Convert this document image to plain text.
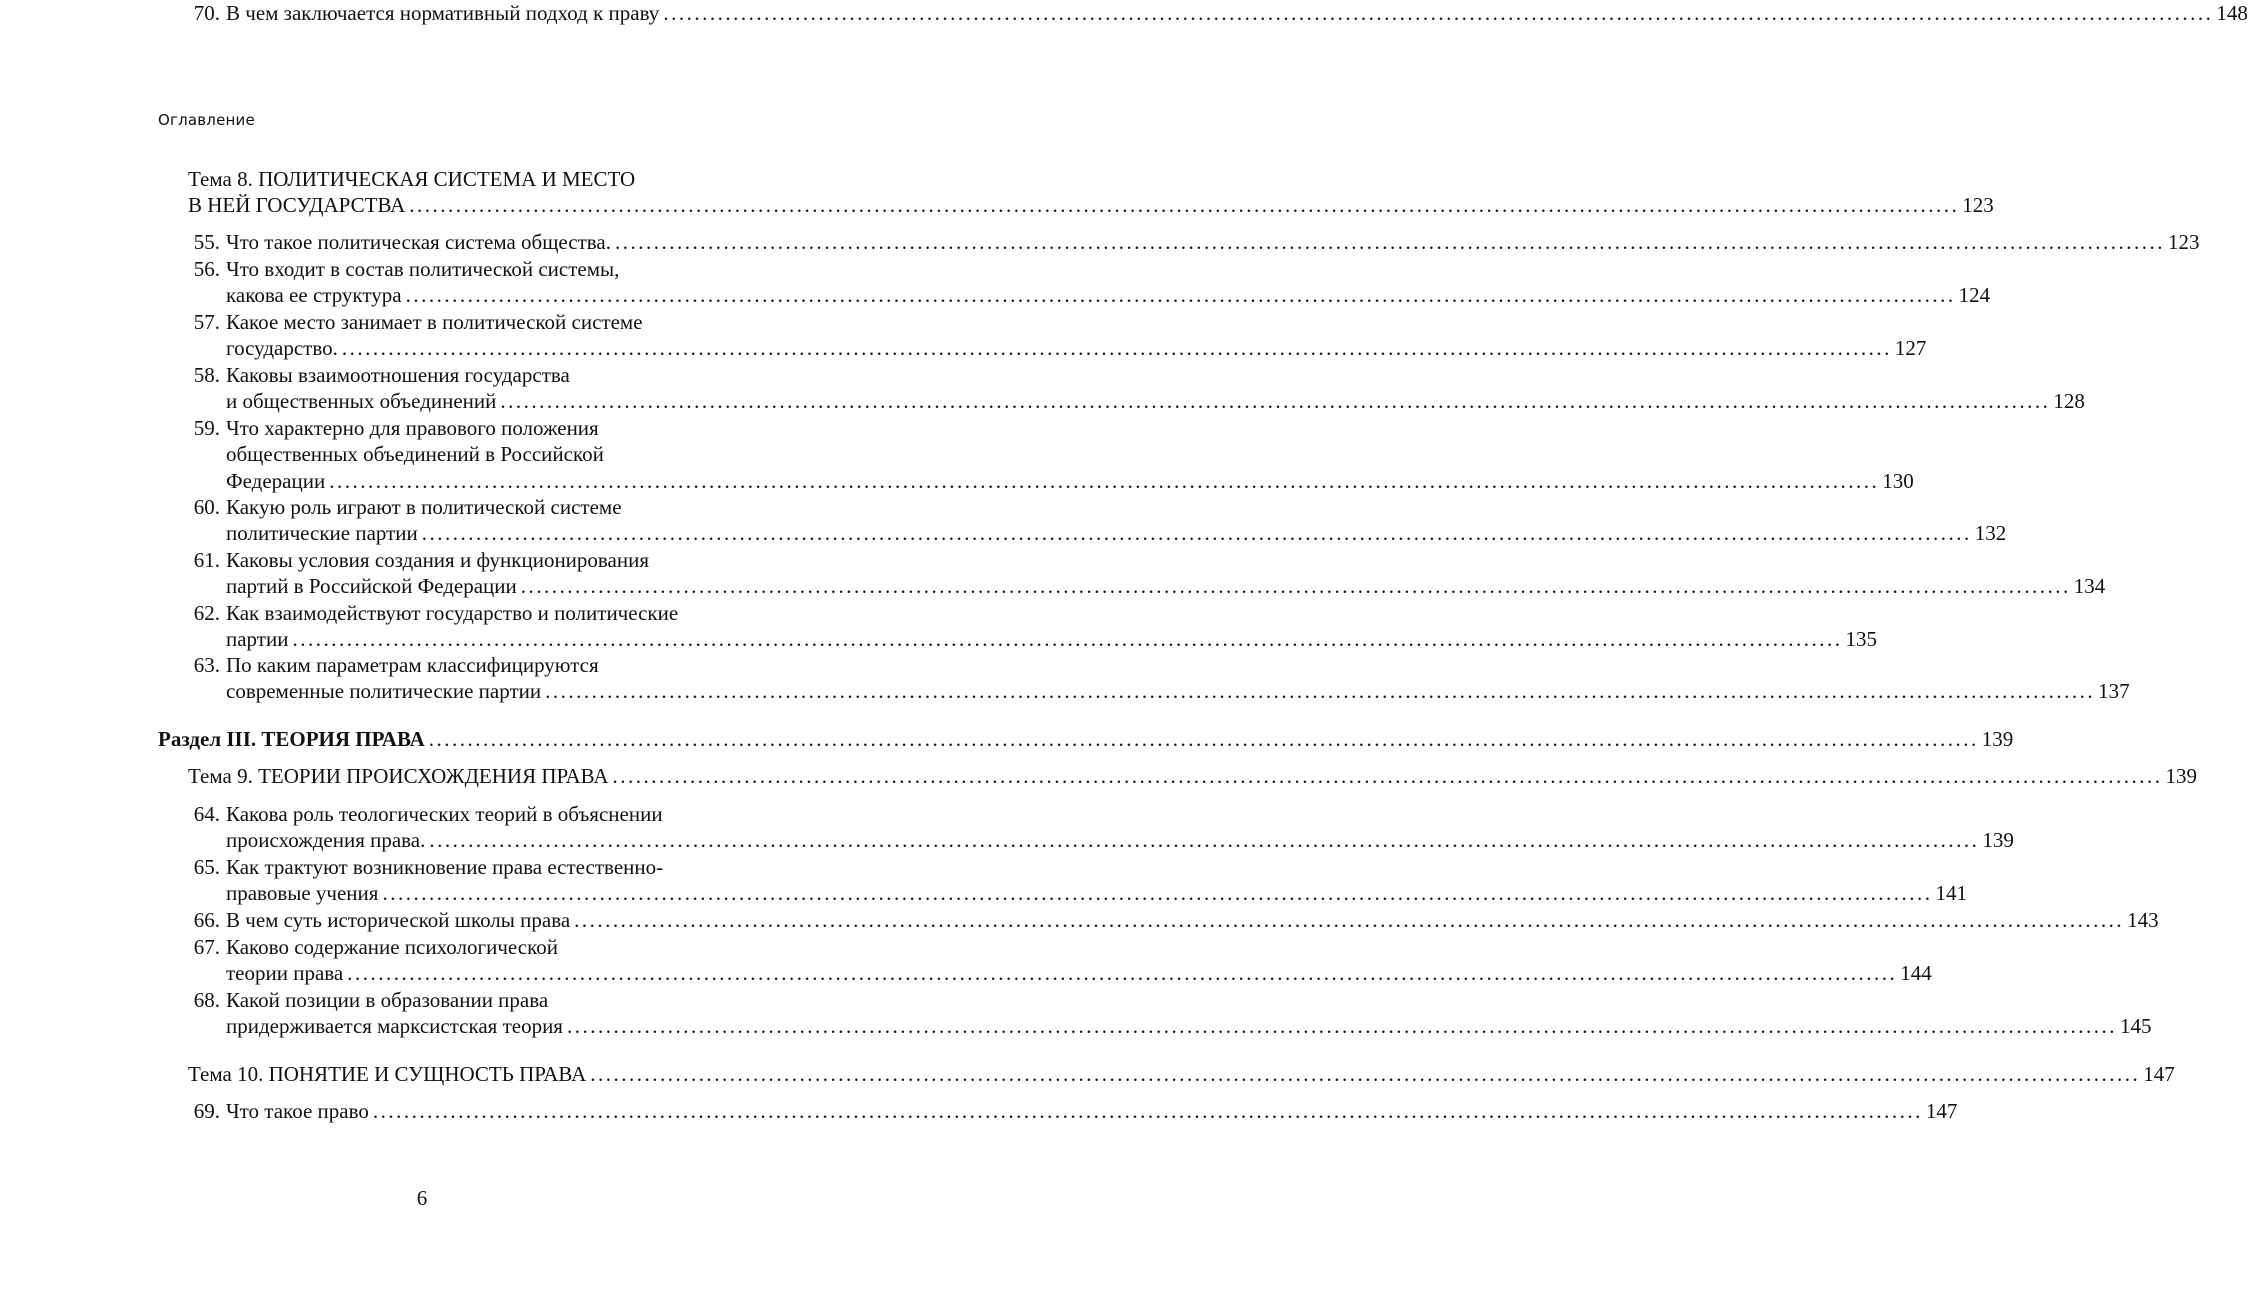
Оглавление
Тема 8. ПОЛИТИЧЕСКАЯ СИСТЕМА И МЕСТО
В НЕЙ ГОСУДАРСТВА ........................................................................................................................................................................................................ 123
55. Что такое политическая система общества. ........................................................................................................................................................................................................ 123
56. Что входит в состав политической системы,
какова ее структура ........................................................................................................................................................................................................ 124
57. Какое место занимает в политической системе
государство. ........................................................................................................................................................................................................ 127
58. Каковы взаимоотношения государства
и общественных объединений ........................................................................................................................................................................................................ 128
59. Что характерно для правового положения
общественных объединений в Российской
Федерации ........................................................................................................................................................................................................ 130
60. Какую роль играют в политической системе
политические партии ........................................................................................................................................................................................................ 132
61. Каковы условия создания и функционирования
партий в Российской Федерации ........................................................................................................................................................................................................ 134
62. Как взаимодействуют государство и политические
партии ........................................................................................................................................................................................................ 135
63. По каким параметрам классифицируются
современные политические партии ........................................................................................................................................................................................................ 137
Раздел III. ТЕОРИЯ ПРАВА ........................................................................................................................................................................................................ 139
Тема 9. ТЕОРИИ ПРОИСХОЖДЕНИЯ ПРАВА ........................................................................................................................................................................................................ 139
64. Какова роль теологических теорий в объяснении
происхождения права. ........................................................................................................................................................................................................ 139
65. Как трактуют возникновение права естественно-
правовые учения ........................................................................................................................................................................................................ 141
66. В чем суть исторической школы права ........................................................................................................................................................................................................ 143
67. Каково содержание психологической
теории права ........................................................................................................................................................................................................ 144
68. Какой позиции в образовании права
придерживается марксистская теория ........................................................................................................................................................................................................ 145
Тема 10. ПОНЯТИЕ И СУЩНОСТЬ ПРАВА ........................................................................................................................................................................................................ 147
69. Что такое право ........................................................................................................................................................................................................ 147
70. В чем заключается нормативный подход к праву ........................................................................................................................................................................................................ 148
6
